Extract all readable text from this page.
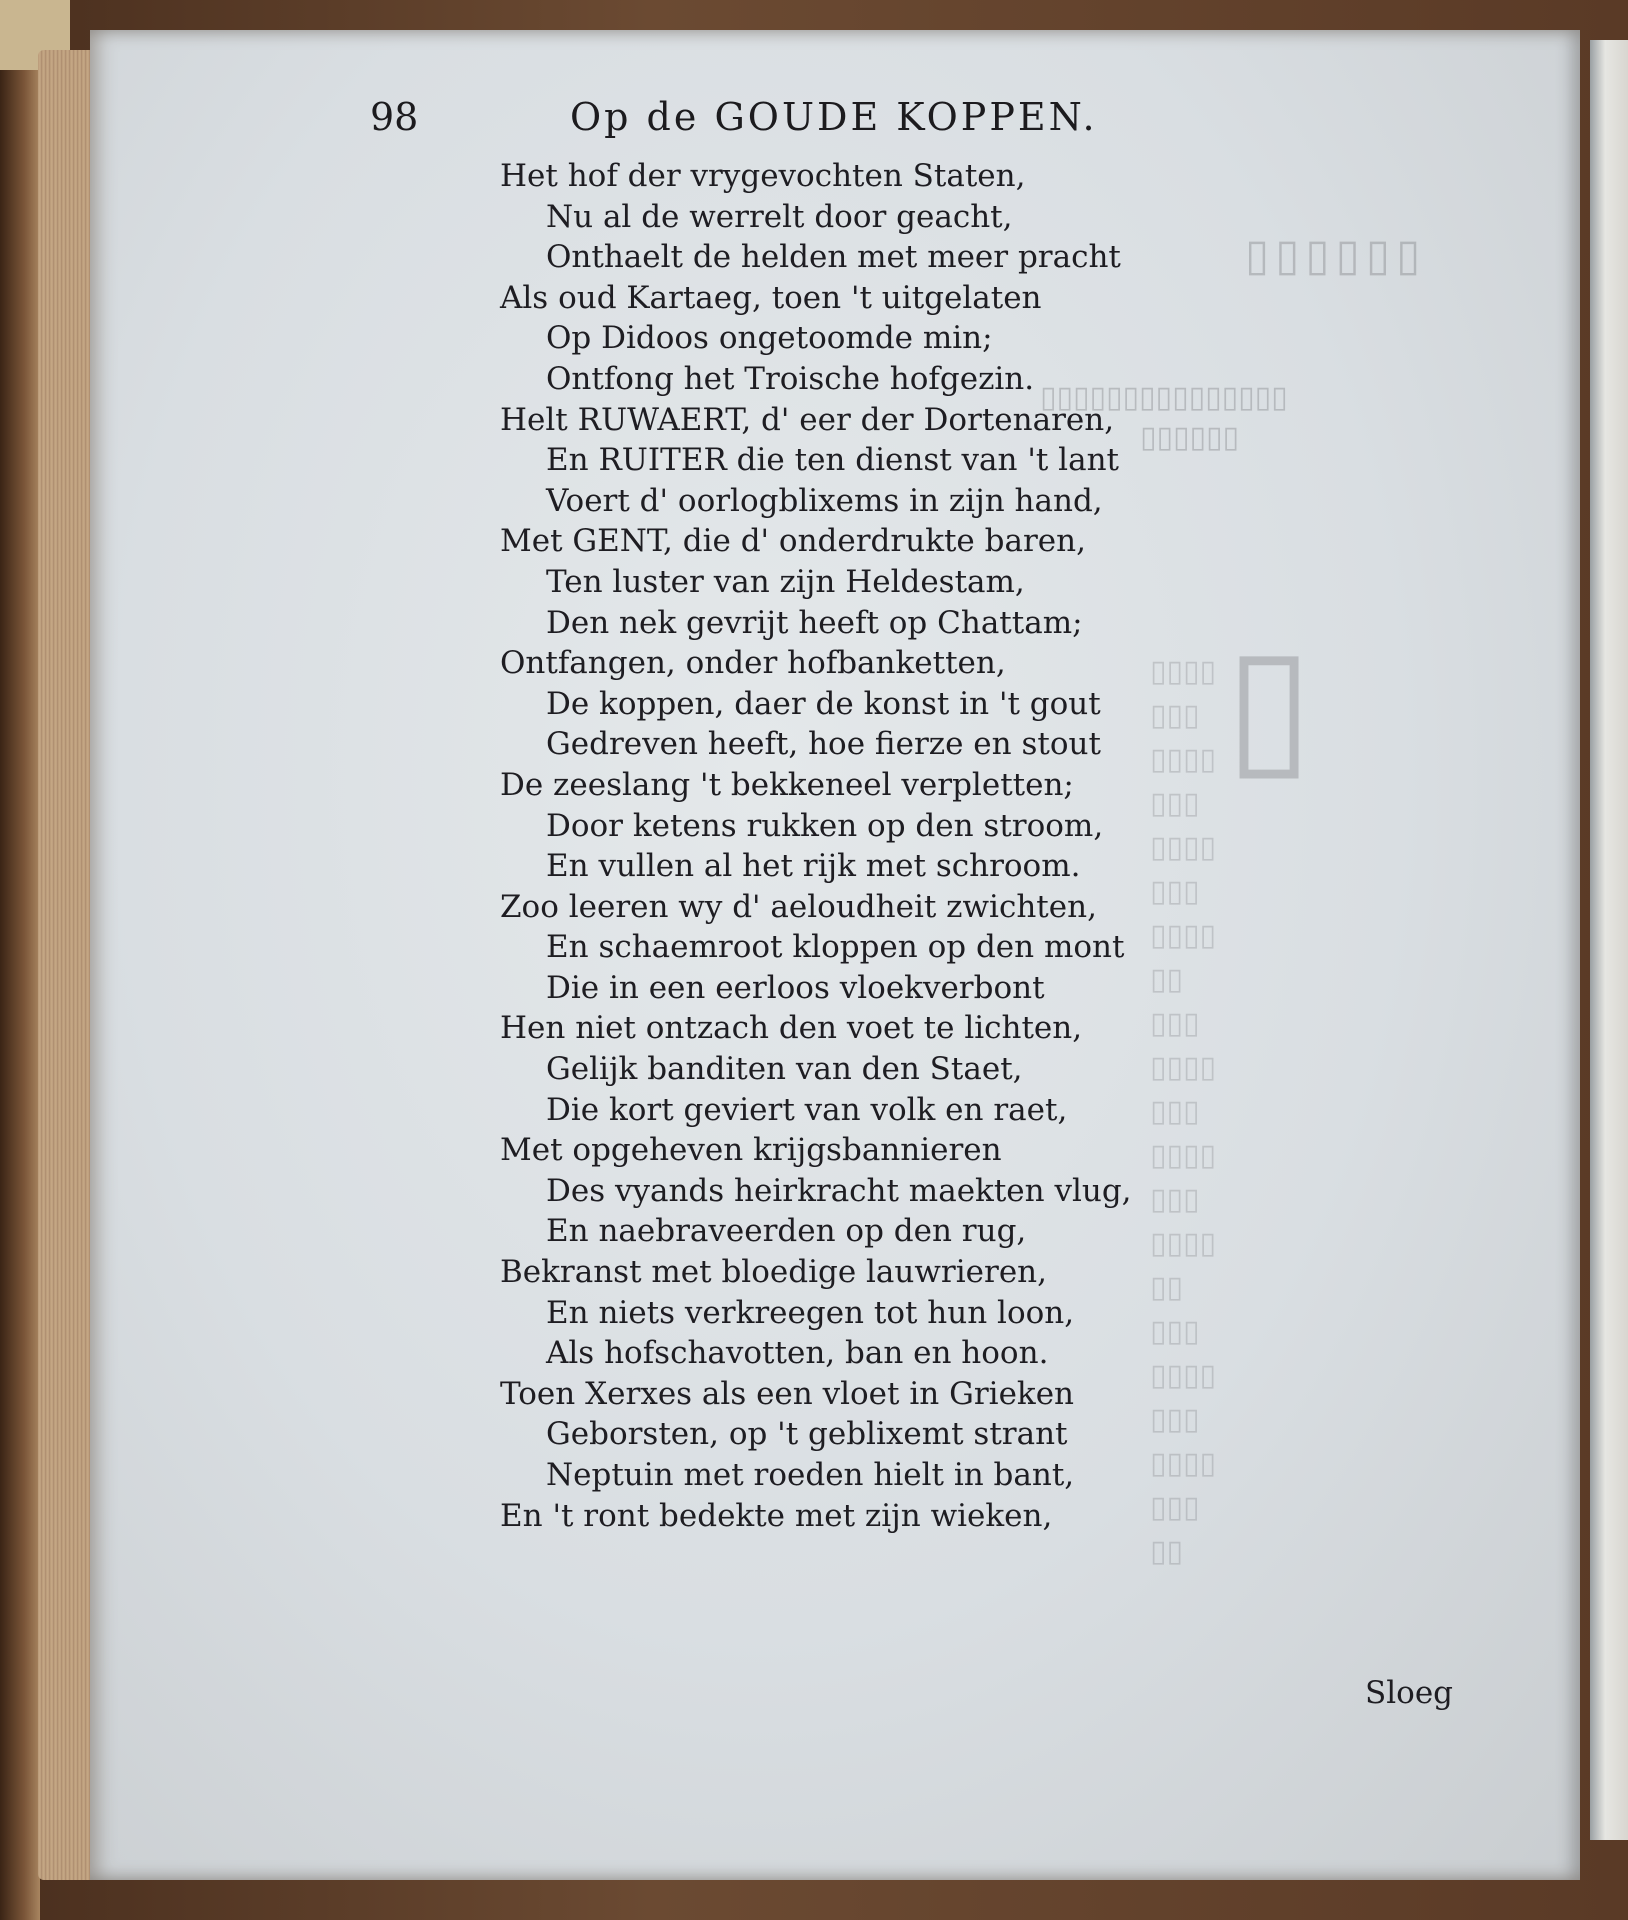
▯▯▯▯▯▯
▯▯▯▯▯▯▯▯▯▯▯▯▯▯▯
▯▯▯▯▯▯
▯
▯▯▯▯
▯▯▯
▯▯▯▯
▯▯▯
▯▯▯▯
▯▯▯
▯▯▯▯
▯▯
▯▯▯
▯▯▯▯
▯▯▯
▯▯▯▯
▯▯▯
▯▯▯▯
▯▯
▯▯▯
▯▯▯▯
▯▯▯
▯▯▯▯
▯▯▯
▯▯
98	Op de GOUDE KOPPEN.
Het hof der vrygevochten Staten,
Nu al de werrelt door geacht,
Onthaelt de helden met meer pracht
Als oud Kartaeg, toen 't uitgelaten
Op Didoos ongetoomde min;
Ontfong het Troische hofgezin.
Helt RUWAERT, d' eer der Dortenaren,
En RUITER die ten dienst van 't lant
Voert d' oorlogblixems in zijn hand,
Met GENT, die d' onderdrukte baren,
Ten luster van zijn Heldestam,
Den nek gevrijt heeft op Chattam;
Ontfangen, onder hofbanketten,
De koppen, daer de konst in 't gout
Gedreven heeft, hoe fierze en stout
De zeeslang 't bekkeneel verpletten;
Door ketens rukken op den stroom,
En vullen al het rijk met schroom.
Zoo leeren wy d' aeloudheit zwichten,
En schaemroot kloppen op den mont
Die in een eerloos vloekverbont
Hen niet ontzach den voet te lichten,
Gelijk banditen van den Staet,
Die kort geviert van volk en raet,
Met opgeheven krijgsbannieren
Des vyands heirkracht maekten vlug,
En naebraveerden op den rug,
Bekranst met bloedige lauwrieren,
En niets verkreegen tot hun loon,
Als hofschavotten, ban en hoon.
Toen Xerxes als een vloet in Grieken
Geborsten, op 't geblixemt strant
Neptuin met roeden hielt in bant,
En 't ront bedekte met zijn wieken,
Sloeg
